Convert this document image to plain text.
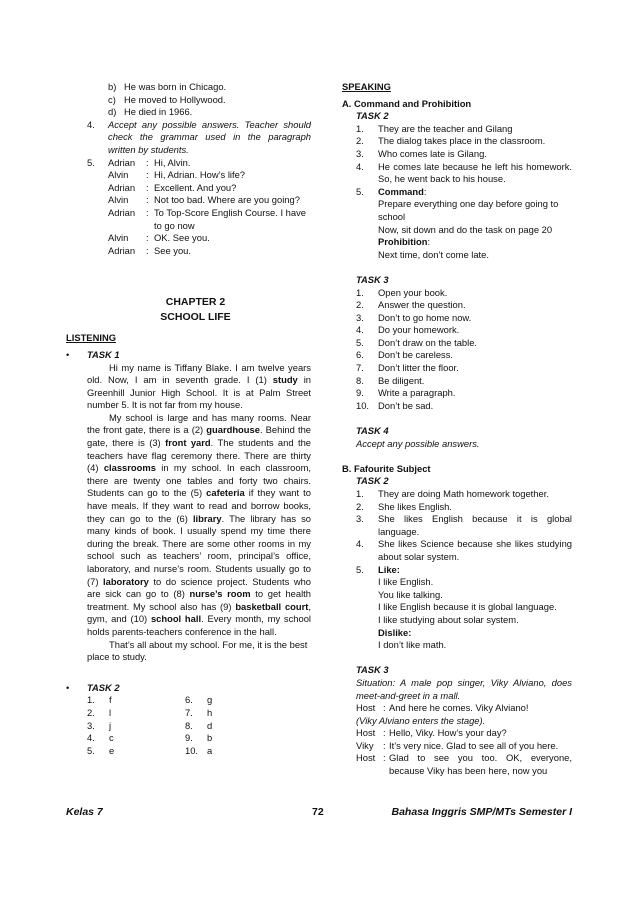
b) He was born in Chicago.
c) He moved to Hollywood.
d) He died in 1966.
4.	Accept any possible answers. Teacher should check the grammar used in the paragraph written by students.
5.	Adrian	: Hi, Alvin.
Alvin	: Hi, Adrian. How’s life?
Adrian	: Excellent. And you?
Alvin	: Not too bad. Where are you going?
Adrian	: To Top-Score English Course. I have to go now
Alvin	: OK. See you.
Adrian	: See you.
CHAPTER 2
SCHOOL LIFE
LISTENING
•	TASK 1

Hi my name is Tiffany Blake. I am twelve years old. Now, I am in seventh grade. I (1) study in Greenhill Junior High School. It is at Palm Street number 5. It is not far from my house.

My school is large and has many rooms. Near the front gate, there is a (2) guardhouse. Behind the gate, there is (3) front yard. The students and the teachers have flag ceremony there. There are thirty (4) classrooms in my school. In each classroom, there are twenty one tables and forty two chairs. Students can go to the (5) cafeteria if they want to have meals. If they want to read and borrow books, they can go to the (6) library. The library has so many kinds of book. I usually spend my time there during the break. There are some other rooms in my school such as teachers’ room, principal’s office, laboratory, and nurse’s room. Students usually go to (7) laboratory to do science project. Students who are sick can go to (8) nurse’s room to get health treatment. My school also has (9) basketball court, gym, and (10) school hall. Every month, my school holds parents-teachers conference in the hall.

That’s all about my school. For me, it is the best place to study.

•	TASK 2
1.	f	6.	g
2.	l	7.	h
3.	j	8.	d
4.	c	9.	b
5.	e	10. a
SPEAKING
A. Command and Prohibition
TASK 2
1.	They are the teacher and Gilang
2.	The dialog takes place in the classroom.
3.	Who comes late is Gilang.
4.	He comes late because he left his homework. So, he went back to his house.
5.	Command:
Prepare everything one day before going to school
Now, sit down and do the task on page 20
Prohibition:
Next time, don’t come late.
TASK 3
1.	Open your book.
2.	Answer the question.
3.	Don’t to go home now.
4.	Do your homework.
5.	Don’t draw on the table.
6.	Don’t be careless.
7.	Don’t litter the floor.
8.	Be diligent.
9.	Write a paragraph.
10. Don’t be sad.
TASK 4
Accept any possible answers.
B. Fafourite Subject
TASK 2
1.	They are doing Math homework together.
2.	She likes English.
3.	She likes English because it is global language.
4.	She likes Science because she likes studying about solar system.
5.	Like:
I like English.
You like talking.
I like English because it is global language.
I like studying about solar system.
Dislike:
I don’t like math.
TASK 3
Situation: A male pop singer, Viky Alviano, does meet-and-greet in a mall.
Host : And here he comes. Viky Alviano!
(Viky Alviano enters the stage).
Host : Hello, Viky. How’s your day?
Viky	: It’s very nice. Glad to see all of you here.
Host : Glad to see you too. OK, everyone, because Viky has been here, now you
Kelas 7	72	Bahasa Inggris SMP/MTs Semester I
